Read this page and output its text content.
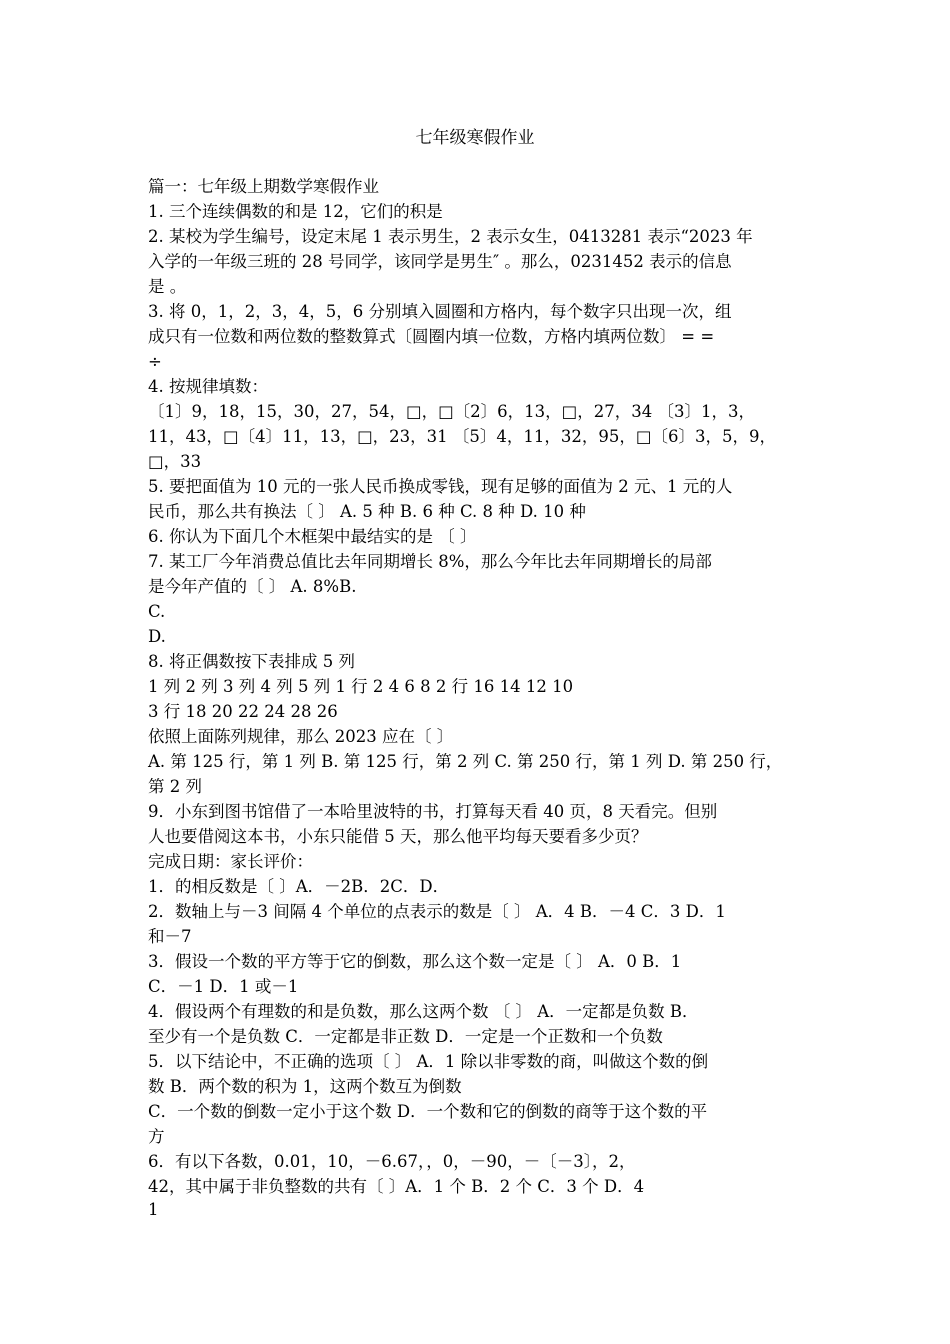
七年级寒假作业
篇一：七年级上期数学寒假作业
1. 三个连续偶数的和是 12，它们的积是
2. 某校为学生编号，设定末尾 1 表示男生，2 表示女生，0413281 表示“2023 年
入学的一年级三班的 28 号同学，该同学是男生″ 。那么，0231452 表示的信息
是 。
3. 将 0，1，2，3，4，5，6 分别填入圆圈和方格内，每个数字只出现一次，组
成只有一位数和两位数的整数算式〔圆圈内填一位数，方格内填两位数〕 = =
÷
4. 按规律填数：
〔1〕9，18，15，30，27，54，□，□〔2〕6，13，□，27，34 〔3〕1，3，
11，43，□〔4〕11，13，□，23，31 〔5〕4，11，32，95，□〔6〕3，5，9，
□，33
5. 要把面值为 10 元的一张人民币换成零钱，现有足够的面值为 2 元、1 元的人
民币，那么共有换法〔 〕 A. 5 种 B. 6 种 C. 8 种 D. 10 种
6. 你认为下面几个木框架中最结实的是 〔 〕
7. 某工厂今年消费总值比去年同期增长 8%，那么今年比去年同期增长的局部
是今年产值的〔 〕 A. 8%B.
C.
D.
8. 将正偶数按下表排成 5 列
1 列 2 列 3 列 4 列 5 列 1 行 2 4 6 8 2 行 16 14 12 10
3 行 18 20 22 24 28 26
依照上面陈列规律，那么 2023 应在〔 〕
A. 第 125 行，第 1 列 B. 第 125 行，第 2 列 C. 第 250 行，第 1 列 D. 第 250 行，
第 2 列
9．小东到图书馆借了一本哈里波特的书，打算每天看 40 页，8 天看完。但别
人也要借阅这本书，小东只能借 5 天，那么他平均每天要看多少页？
完成日期：家长评价：
1．的相反数是〔 〕A．－2B．2C．D．
2．数轴上与－3 间隔 4 个单位的点表示的数是〔 〕 A．4 B．－4 C．3 D．1
和－7
3．假设一个数的平方等于它的倒数，那么这个数一定是〔 〕 A．0 B．1
C．－1 D．1 或－1
4．假设两个有理数的和是负数，那么这两个数 〔 〕 A．一定都是负数 B．
至少有一个是负数 C．一定都是非正数 D．一定是一个正数和一个负数
5．以下结论中，不正确的选项〔 〕 A．1 除以非零数的商，叫做这个数的倒
数 B．两个数的积为 1，这两个数互为倒数
C．一个数的倒数一定小于这个数 D．一个数和它的倒数的商等于这个数的平
方
6．有以下各数，0.01，10，－6.67，，0，－90，－〔－3〕，2，
42，其中属于非负整数的共有〔 〕A．1 个 B．2 个 C．3 个 D．4
1
